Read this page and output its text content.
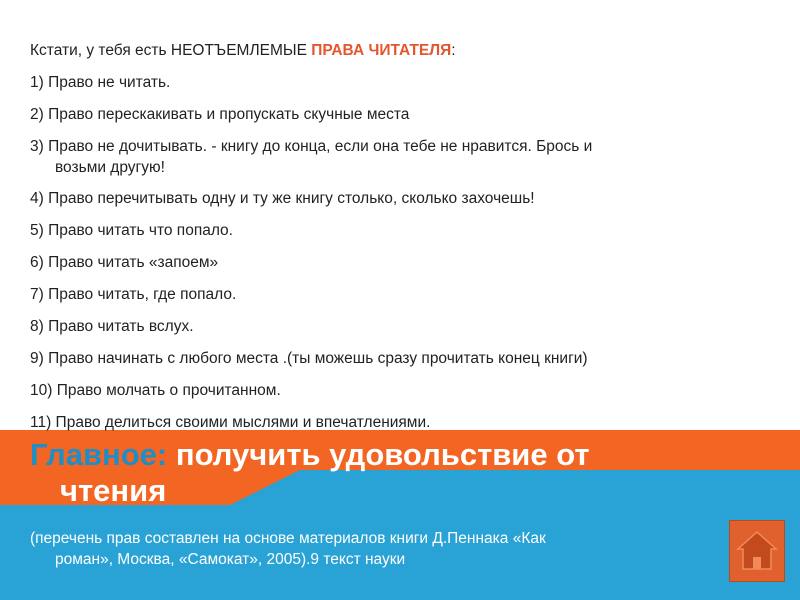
Кстати, у тебя есть НЕОТЪЕМЛЕМЫЕ ПРАВА ЧИТАТЕЛЯ:

1) Право не читать.

2) Право перескакивать и пропускать скучные места

3) Право не дочитывать. - книгу до конца, если она тебе не нравится. Брось и
возьми другую!

4) Право перечитывать одну и ту же книгу столько, сколько захочешь!

5) Право читать что попало.

6) Право читать «запоем»

7) Право читать, где попало.

8) Право читать вслух.

9) Право начинать с любого места .(ты можешь сразу прочитать конец книги)

10) Право молчать о прочитанном.

11) Право делиться своими мыслями и впечатлениями.

Главное: получить удовольствие от
чтения

(перечень прав составлен на основе материалов книги Д.Пеннака «Как
роман», Москва, «Самокат», 2005).9 текст науки
